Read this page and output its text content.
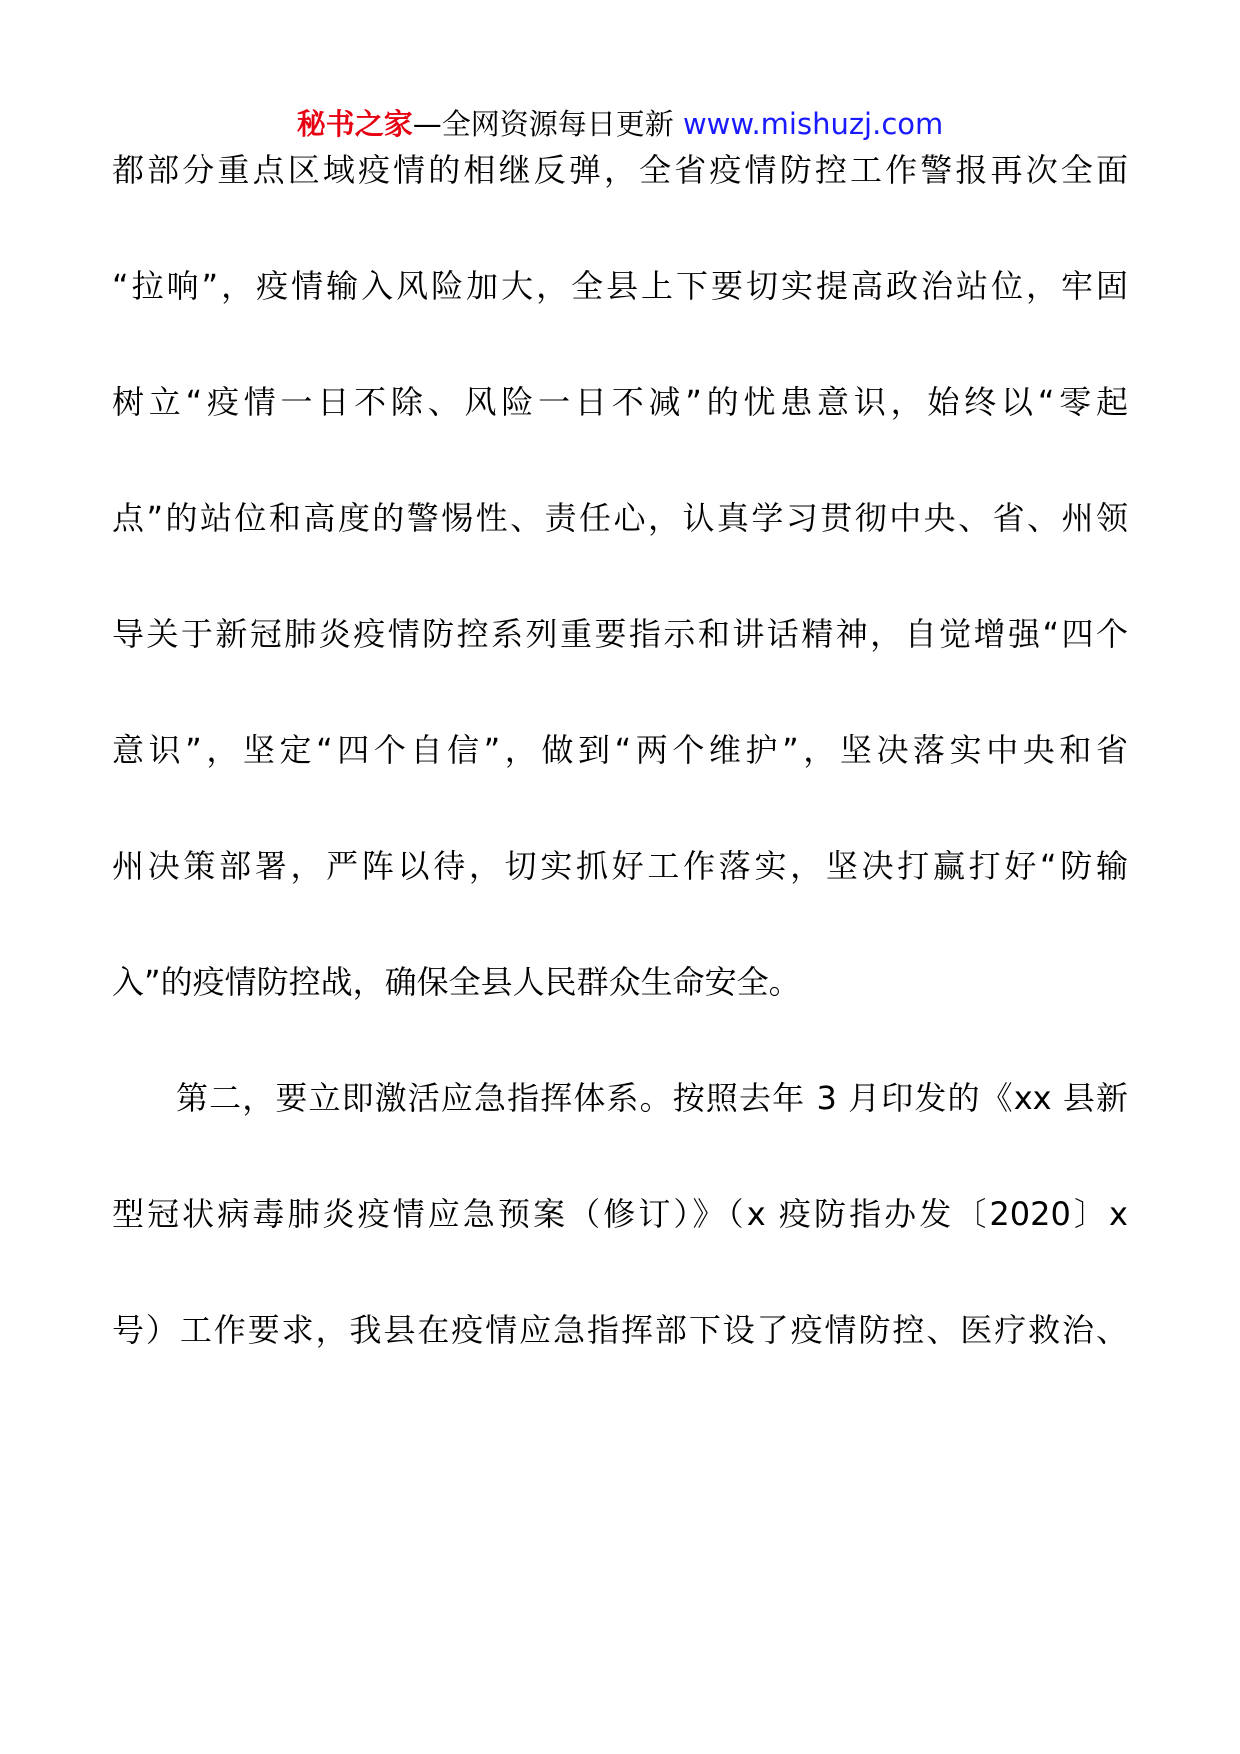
秘书之家—全网资源每日更新 www.mishuzj.com
都部分重点区域疫情的相继反弹，全省疫情防控工作警报再次全面
“拉响”，疫情输入风险加大，全县上下要切实提高政治站位，牢固
树立“疫情一日不除、风险一日不减”的忧患意识，始终以“零起
点”的站位和高度的警惕性、责任心，认真学习贯彻中央、省、州领
导关于新冠肺炎疫情防控系列重要指示和讲话精神，自觉增强“四个
意识”，坚定“四个自信”，做到“两个维护”，坚决落实中央和省
州决策部署，严阵以待，切实抓好工作落实，坚决打赢打好“防输
入”的疫情防控战，确保全县人民群众生命安全。
第二，要立即激活应急指挥体系。按照去年 3 月印发的《xx 县新
型冠状病毒肺炎疫情应急预案（修订）》（x 疫防指办发〔2020〕x
号）工作要求，我县在疫情应急指挥部下设了疫情防控、医疗救治、
